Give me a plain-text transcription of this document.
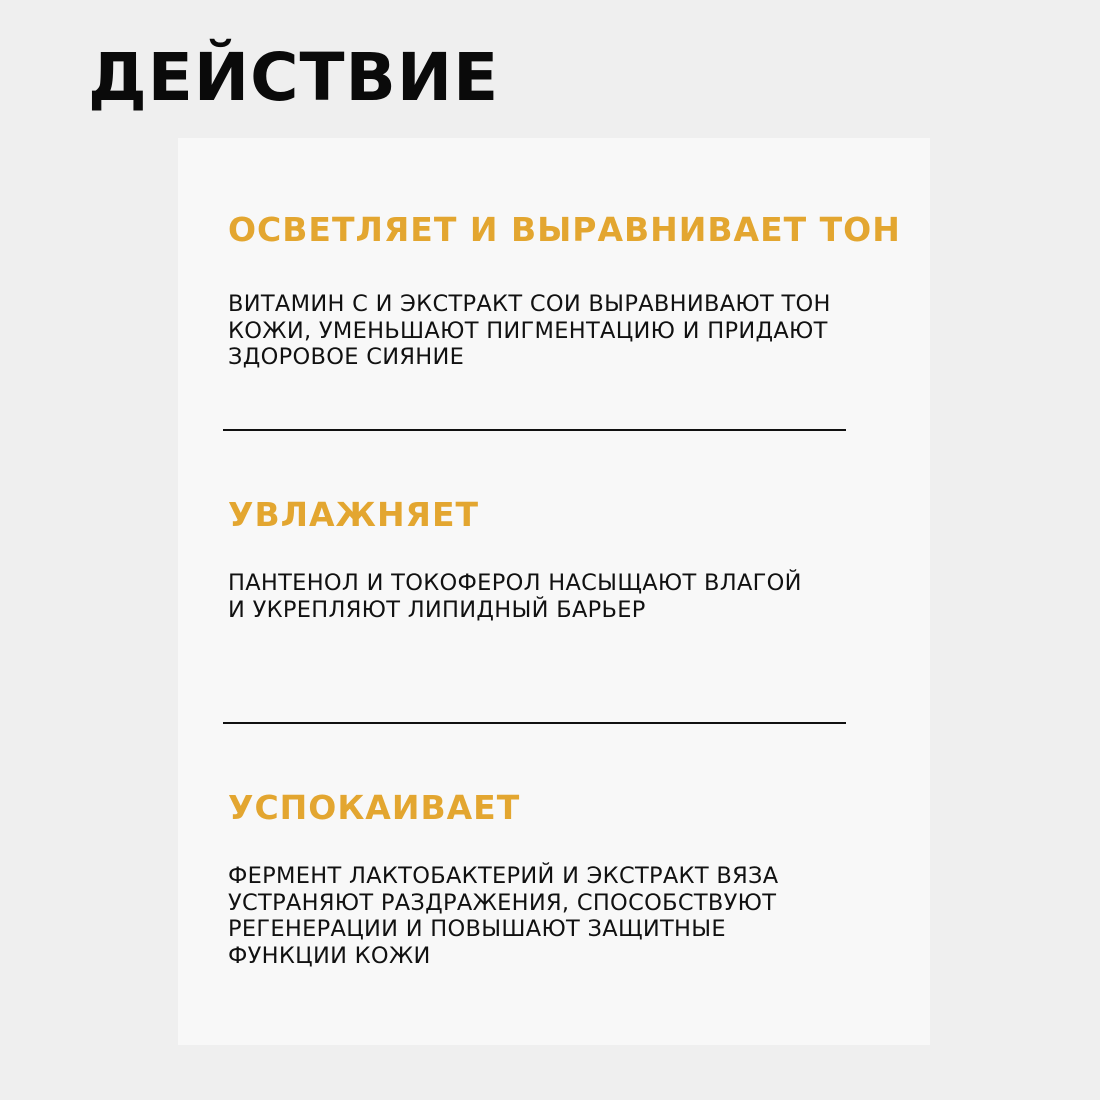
ДЕЙСТВИЕ
ОСВЕТЛЯЕТ И ВЫРАВНИВАЕТ ТОН
ВИТАМИН С И ЭКСТРАКТ СОИ ВЫРАВНИВАЮТ ТОН
КОЖИ, УМЕНЬШАЮТ ПИГМЕНТАЦИЮ И ПРИДАЮТ
ЗДОРОВОЕ СИЯНИЕ
УВЛАЖНЯЕТ
ПАНТЕНОЛ И ТОКОФЕРОЛ НАСЫЩАЮТ ВЛАГОЙ
И УКРЕПЛЯЮТ ЛИПИДНЫЙ БАРЬЕР
УСПОКАИВАЕТ
ФЕРМЕНТ ЛАКТОБАКТЕРИЙ И ЭКСТРАКТ ВЯЗА
УСТРАНЯЮТ РАЗДРАЖЕНИЯ, СПОСОБСТВУЮТ
РЕГЕНЕРАЦИИ И ПОВЫШАЮТ ЗАЩИТНЫЕ
ФУНКЦИИ КОЖИ
